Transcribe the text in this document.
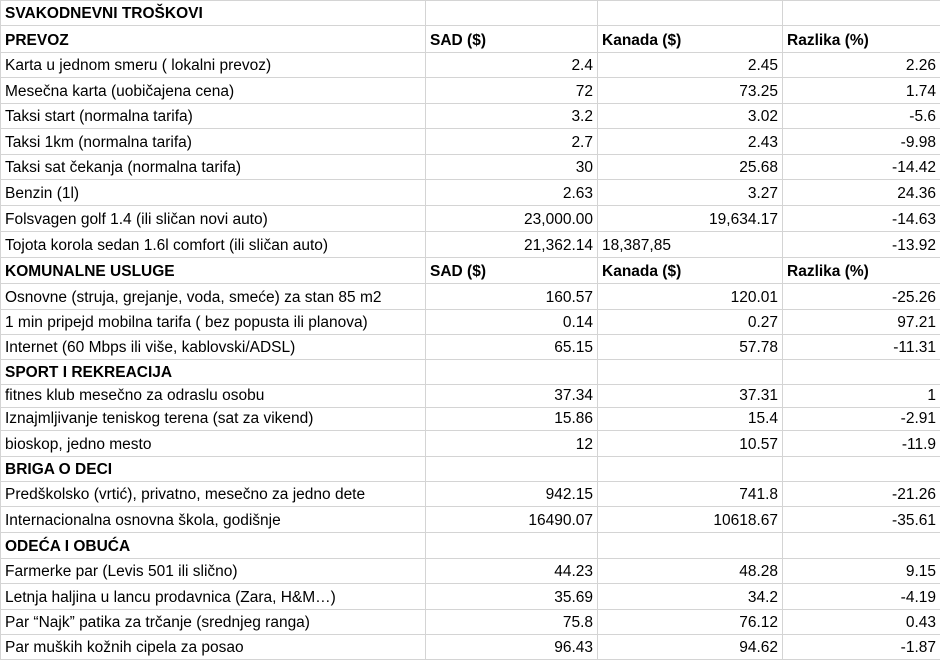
SVAKODNEVNI TROŠKOVI			
PREVOZ	SAD ($)	Kanada ($)	Razlika (%)
Karta u jednom smeru ( lokalni prevoz)	2.4	2.45	2.26
Mesečna karta (uobičajena cena)	72	73.25	1.74
Taksi start (normalna tarifa)	3.2	3.02	-5.6
Taksi 1km (normalna tarifa)	2.7	2.43	-9.98
Taksi sat čekanja (normalna tarifa)	30	25.68	-14.42
Benzin (1l)	2.63	3.27	24.36
Folsvagen golf 1.4 (ili sličan novi auto)	23,000.00	19,634.17	-14.63
Tojota korola sedan 1.6l comfort (ili sličan auto)	21,362.14	18,387,85	-13.92
KOMUNALNE USLUGE	SAD ($)	Kanada ($)	Razlika (%)
Osnovne (struja, grejanje, voda, smeće) za stan 85 m2	160.57	120.01	-25.26
1 min pripejd mobilna tarifa ( bez popusta ili planova)	0.14	0.27	97.21
Internet (60 Mbps ili više, kablovski/ADSL)	65.15	57.78	-11.31
SPORT I REKREACIJA			
fitnes klub mesečno za odraslu osobu	37.34	37.31	1
Iznajmljivanje teniskog terena (sat za vikend)	15.86	15.4	-2.91
bioskop, jedno mesto	12	10.57	-11.9
BRIGA O DECI			
Predškolsko (vrtić), privatno, mesečno za jedno dete	942.15	741.8	-21.26
Internacionalna osnovna škola, godišnje	16490.07	10618.67	-35.61
ODEĆA I OBUĆA			
Farmerke par (Levis 501 ili slično)	44.23	48.28	9.15
Letnja haljina u lancu prodavnica (Zara, H&M…)	35.69	34.2	-4.19
Par “Najk” patika za trčanje (srednjeg ranga)	75.8	76.12	0.43
Par muških kožnih cipela za posao	96.43	94.62	-1.87
